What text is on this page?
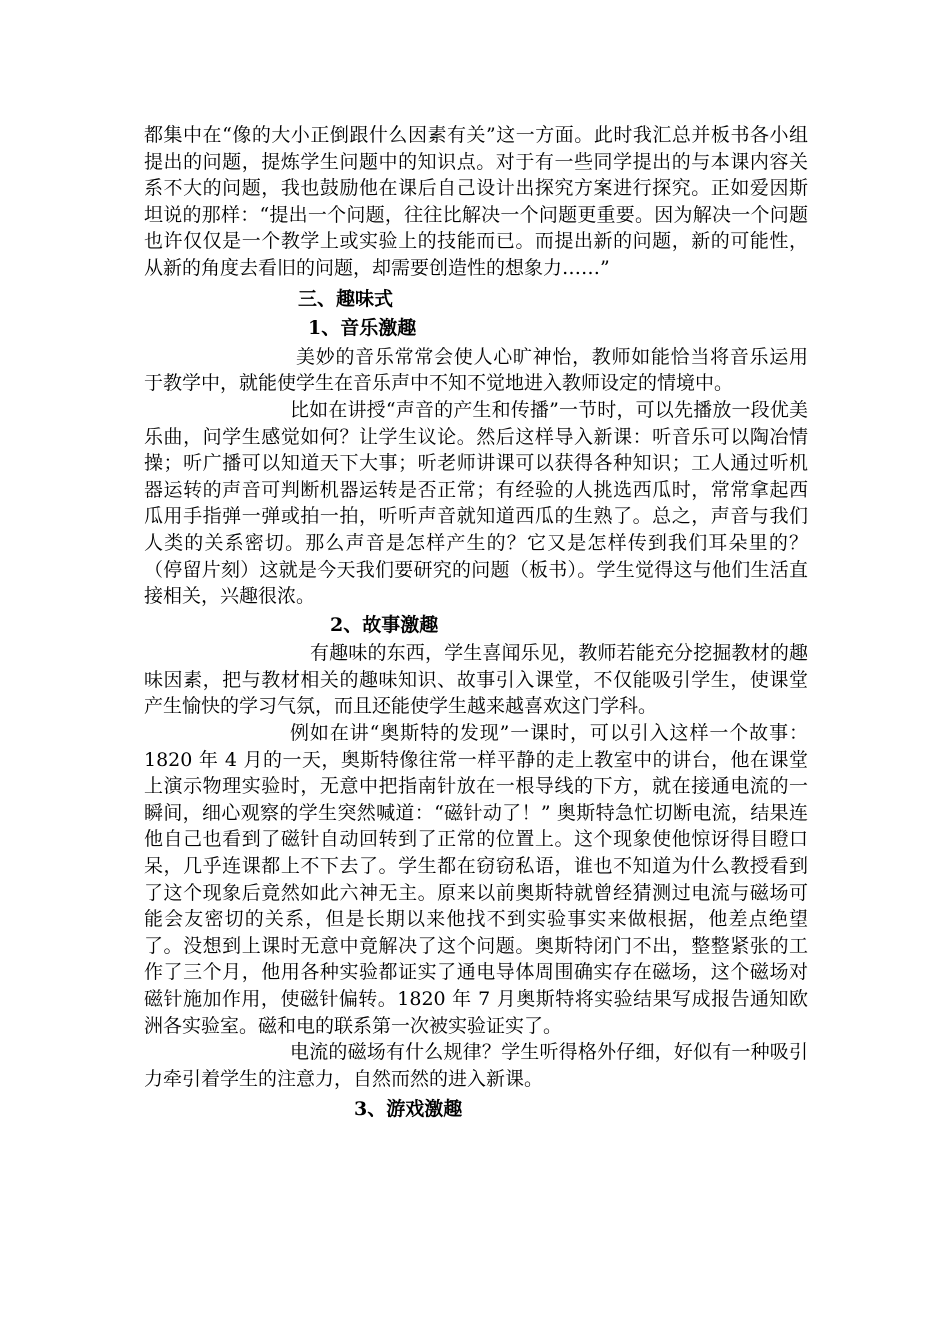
都集中在“像的大小正倒跟什么因素有关”这一方面。此时我汇总并板书各小组提出的问题，提炼学生问题中的知识点。对于有一些同学提出的与本课内容关系不大的问题，我也鼓励他在课后自己设计出探究方案进行探究。正如爱因斯坦说的那样：“提出一个问题，往往比解决一个问题更重要。因为解决一个问题也许仅仅是一个教学上或实验上的技能而已。而提出新的问题，新的可能性，从新的角度去看旧的问题，却需要创造性的想象力……”

三、趣味式

1、音乐激趣

美妙的音乐常常会使人心旷神怡，教师如能恰当将音乐运用于教学中，就能使学生在音乐声中不知不觉地进入教师设定的情境中。

比如在讲授“声音的产生和传播”一节时，可以先播放一段优美乐曲，问学生感觉如何？让学生议论。然后这样导入新课：听音乐可以陶冶情操；听广播可以知道天下大事；听老师讲课可以获得各种知识；工人通过听机器运转的声音可判断机器运转是否正常；有经验的人挑选西瓜时，常常拿起西瓜用手指弹一弹或拍一拍，听听声音就知道西瓜的生熟了。总之，声音与我们人类的关系密切。那么声音是怎样产生的？它又是怎样传到我们耳朵里的？（停留片刻）这就是今天我们要研究的问题（板书）。学生觉得这与他们生活直接相关，兴趣很浓。

2、故事激趣

有趣味的东西，学生喜闻乐见，教师若能充分挖掘教材的趣味因素，把与教材相关的趣味知识、故事引入课堂，不仅能吸引学生，使课堂产生愉快的学习气氛，而且还能使学生越来越喜欢这门学科。

例如在讲“奥斯特的发现”一课时，可以引入这样一个故事：1820 年 4 月的一天，奥斯特像往常一样平静的走上教室中的讲台，他在课堂上演示物理实验时，无意中把指南针放在一根导线的下方，就在接通电流的一瞬间，细心观察的学生突然喊道：“磁针动了！” 奥斯特急忙切断电流，结果连他自己也看到了磁针自动回转到了正常的位置上。这个现象使他惊讶得目瞪口呆，几乎连课都上不下去了。学生都在窃窃私语，谁也不知道为什么教授看到了这个现象后竟然如此六神无主。原来以前奥斯特就曾经猜测过电流与磁场可能会友密切的关系，但是长期以来他找不到实验事实来做根据，他差点绝望了。没想到上课时无意中竟解决了这个问题。奥斯特闭门不出，整整紧张的工作了三个月，他用各种实验都证实了通电导体周围确实存在磁场，这个磁场对磁针施加作用，使磁针偏转。1820 年 7 月奥斯特将实验结果写成报告通知欧洲各实验室。磁和电的联系第一次被实验证实了。

电流的磁场有什么规律？学生听得格外仔细，好似有一种吸引力牵引着学生的注意力，自然而然的进入新课。

3、游戏激趣
